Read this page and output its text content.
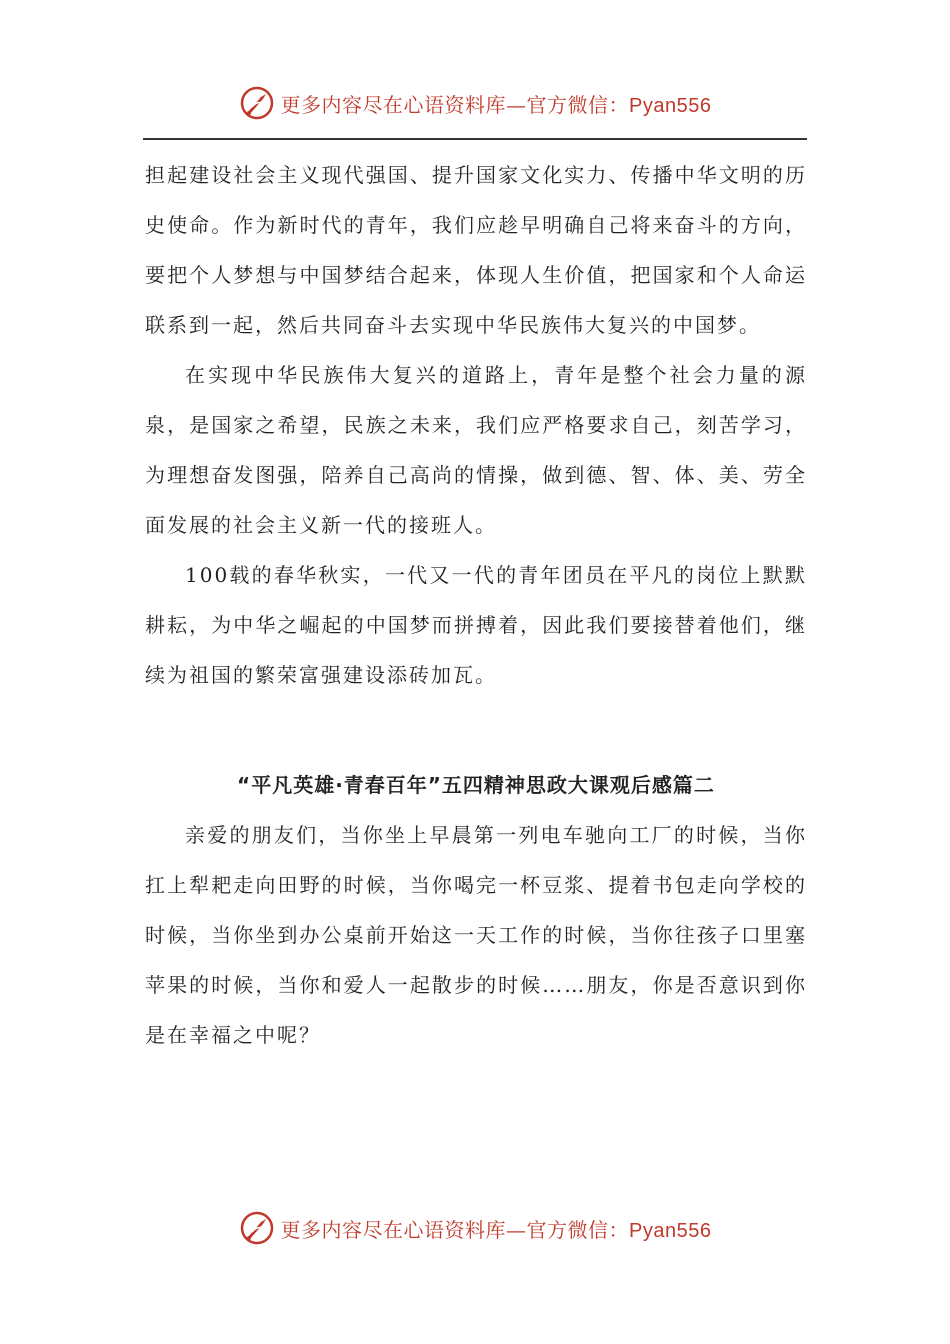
更多内容尽在心语资料库—官方微信：Pyan556

担起建设社会主义现代强国、提升国家文化实力、传播中华文明的历史使命。作为新时代的青年，我们应趁早明确自己将来奋斗的方向，要把个人梦想与中国梦结合起来，体现人生价值，把国家和个人命运联系到一起，然后共同奋斗去实现中华民族伟大复兴的中国梦。

在实现中华民族伟大复兴的道路上，青年是整个社会力量的源泉，是国家之希望，民族之未来，我们应严格要求自己，刻苦学习，为理想奋发图强，陪养自己高尚的情操，做到德、智、体、美、劳全面发展的社会主义新一代的接班人。

100载的春华秋实，一代又一代的青年团员在平凡的岗位上默默耕耘，为中华之崛起的中国梦而拼搏着，因此我们要接替着他们，继续为祖国的繁荣富强建设添砖加瓦。

“平凡英雄·青春百年”五四精神思政大课观后感篇二

亲爱的朋友们，当你坐上早晨第一列电车驰向工厂的时候，当你扛上犁耙走向田野的时候，当你喝完一杯豆浆、提着书包走向学校的时候，当你坐到办公桌前开始这一天工作的时候，当你往孩子口里塞苹果的时候，当你和爱人一起散步的时候……朋友，你是否意识到你是在幸福之中呢？

更多内容尽在心语资料库—官方微信：Pyan556
